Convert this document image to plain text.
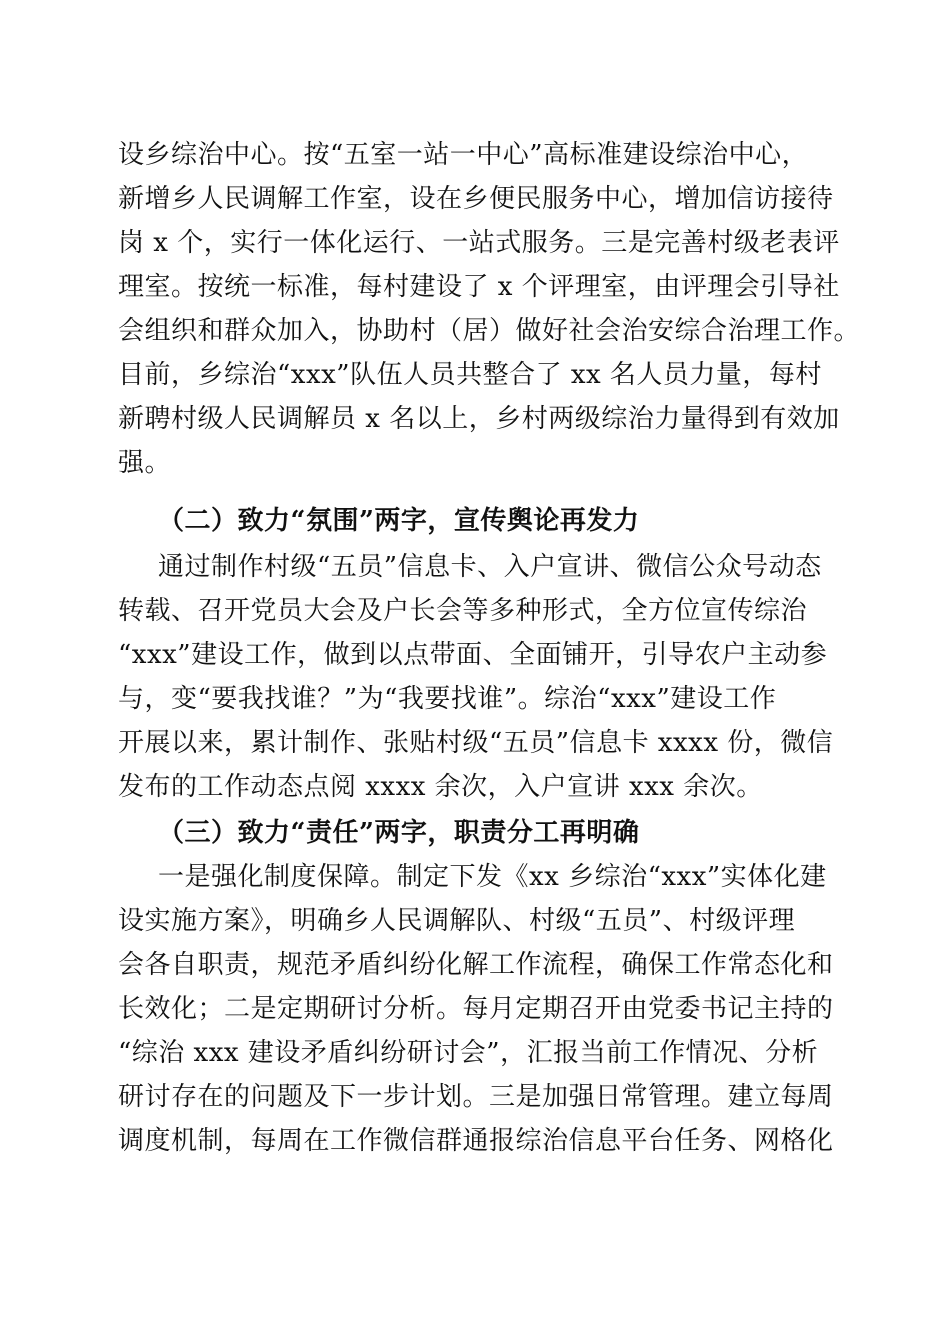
设乡综治中心。按“五室一站一中心”高标准建设综治中心，
新增乡人民调解工作室，设在乡便民服务中心，增加信访接待
岗 x 个，实行一体化运行、一站式服务。三是完善村级老表评
理室。按统一标准，每村建设了 x 个评理室，由评理会引导社
会组织和群众加入，协助村（居）做好社会治安综合治理工作。
目前，乡综治“xxx”队伍人员共整合了 xx 名人员力量，每村
新聘村级人民调解员 x 名以上，乡村两级综治力量得到有效加
强。
（二）致力“氛围”两字，宣传舆论再发力
通过制作村级“五员”信息卡、入户宣讲、微信公众号动态
转载、召开党员大会及户长会等多种形式，全方位宣传综治
“xxx”建设工作，做到以点带面、全面铺开，引导农户主动参
与，变“要我找谁？”为“我要找谁”。综治“xxx”建设工作
开展以来，累计制作、张贴村级“五员”信息卡 xxxx 份，微信
发布的工作动态点阅 xxxx 余次，入户宣讲 xxx 余次。
（三）致力“责任”两字，职责分工再明确
一是强化制度保障。制定下发《xx 乡综治“xxx”实体化建
设实施方案》，明确乡人民调解队、村级“五员”、村级评理
会各自职责，规范矛盾纠纷化解工作流程，确保工作常态化和
长效化；二是定期研讨分析。每月定期召开由党委书记主持的
“综治 xxx 建设矛盾纠纷研讨会”，汇报当前工作情况、分析
研讨存在的问题及下一步计划。三是加强日常管理。建立每周
调度机制，每周在工作微信群通报综治信息平台任务、网格化
